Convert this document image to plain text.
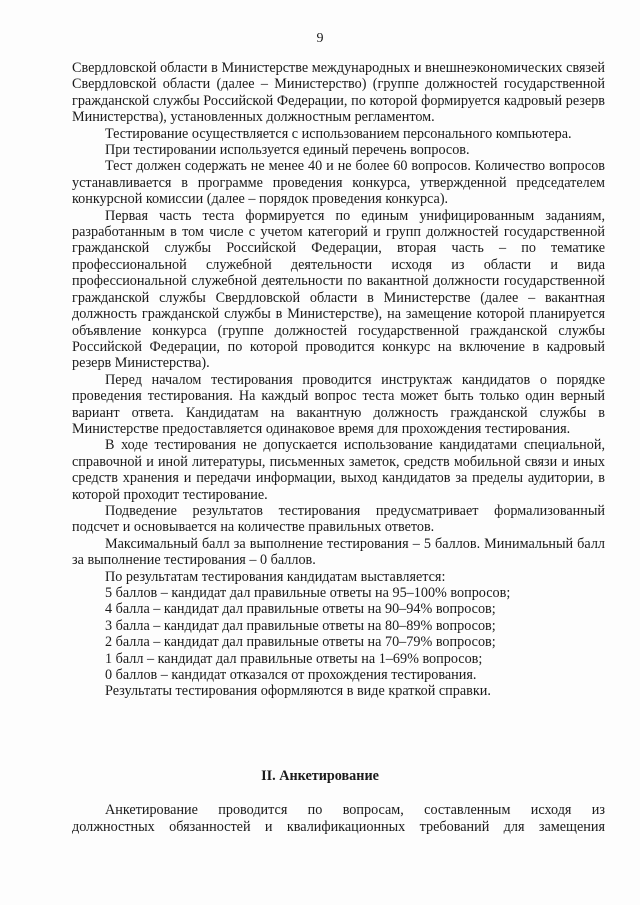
9

Свердловской области в Министерстве международных и внешнеэкономических связей Свердловской области (далее – Министерство) (группе должностей государственной гражданской службы Российской Федерации, по которой формируется кадровый резерв Министерства), установленных должностным регламентом.

Тестирование осуществляется с использованием персонального компьютера.

При тестировании используется единый перечень вопросов.

Тест должен содержать не менее 40 и не более 60 вопросов. Количество вопросов устанавливается в программе проведения конкурса, утвержденной председателем конкурсной комиссии (далее – порядок проведения конкурса).

Первая часть теста формируется по единым унифицированным заданиям, разработанным в том числе с учетом категорий и групп должностей государственной гражданской службы Российской Федерации, вторая часть – по тематике профессиональной служебной деятельности исходя из области и вида профессиональной служебной деятельности по вакантной должности государственной гражданской службы Свердловской области в Министерстве (далее – вакантная должность гражданской службы в Министерстве), на замещение которой планируется объявление конкурса (группе должностей государственной гражданской службы Российской Федерации, по которой проводится конкурс на включение в кадровый резерв Министерства).

Перед началом тестирования проводится инструктаж кандидатов о порядке проведения тестирования. На каждый вопрос теста может быть только один верный вариант ответа. Кандидатам на вакантную должность гражданской службы в Министерстве предоставляется одинаковое время для прохождения тестирования.

В ходе тестирования не допускается использование кандидатами специальной, справочной и иной литературы, письменных заметок, средств мобильной связи и иных средств хранения и передачи информации, выход кандидатов за пределы аудитории, в которой проходит тестирование.

Подведение результатов тестирования предусматривает формализованный подсчет и основывается на количестве правильных ответов.

Максимальный балл за выполнение тестирования – 5 баллов. Минимальный балл за выполнение тестирования – 0 баллов.

По результатам тестирования кандидатам выставляется:

5 баллов – кандидат дал правильные ответы на 95–100% вопросов;

4 балла – кандидат дал правильные ответы на 90–94% вопросов;

3 балла – кандидат дал правильные ответы на 80–89% вопросов;

2 балла – кандидат дал правильные ответы на 70–79% вопросов;

1 балл – кандидат дал правильные ответы на 1–69% вопросов;

0 баллов – кандидат отказался от прохождения тестирования.

Результаты тестирования оформляются в виде краткой справки.

II. Анкетирование

Анкетирование проводится по вопросам, составленным исходя из

должностных обязанностей и квалификационных требований для замещения
